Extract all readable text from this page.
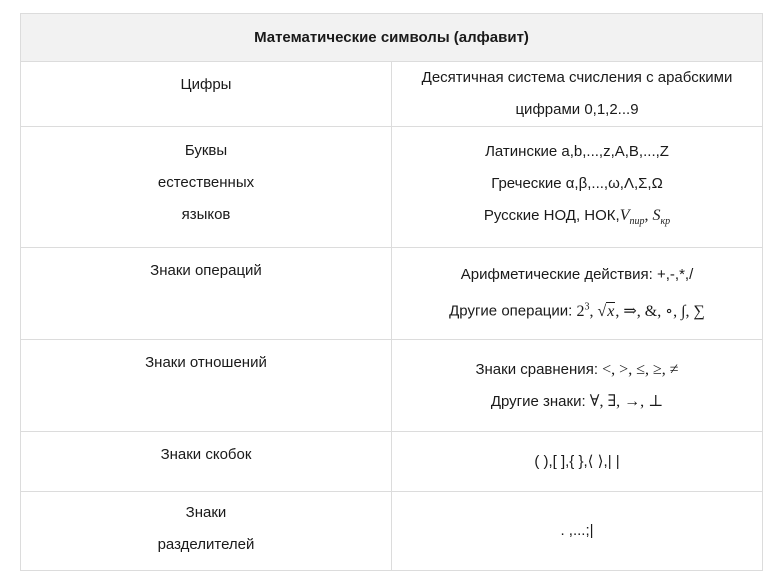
Математические символы (алфавит)	

Цифры	Десятичная система счисления с арабскими цифрами 0,1,2...9

Буквы
естественных
языков	Латинские a,b,...,z,A,B,...,Z
Греческие α,β,...,ω,Λ,Σ,Ω
Русские НОД, $НОК,V_{пир}$, $S_{кр}$

Знаки операций	Арифметические действия: +,-,*,/
Другие операции: $2^3$, √x, ⇒, &, ∘, ∫, ∑

Знаки отношений	Знаки сравнения: <, >, ≤, ≥, ≠
Другие знаки: ∀, ∃, →, ⊥

Знаки скобок	( ),[ ],{ },⟨ ⟩,| |

Знаки
разделителей	. ,...;|
